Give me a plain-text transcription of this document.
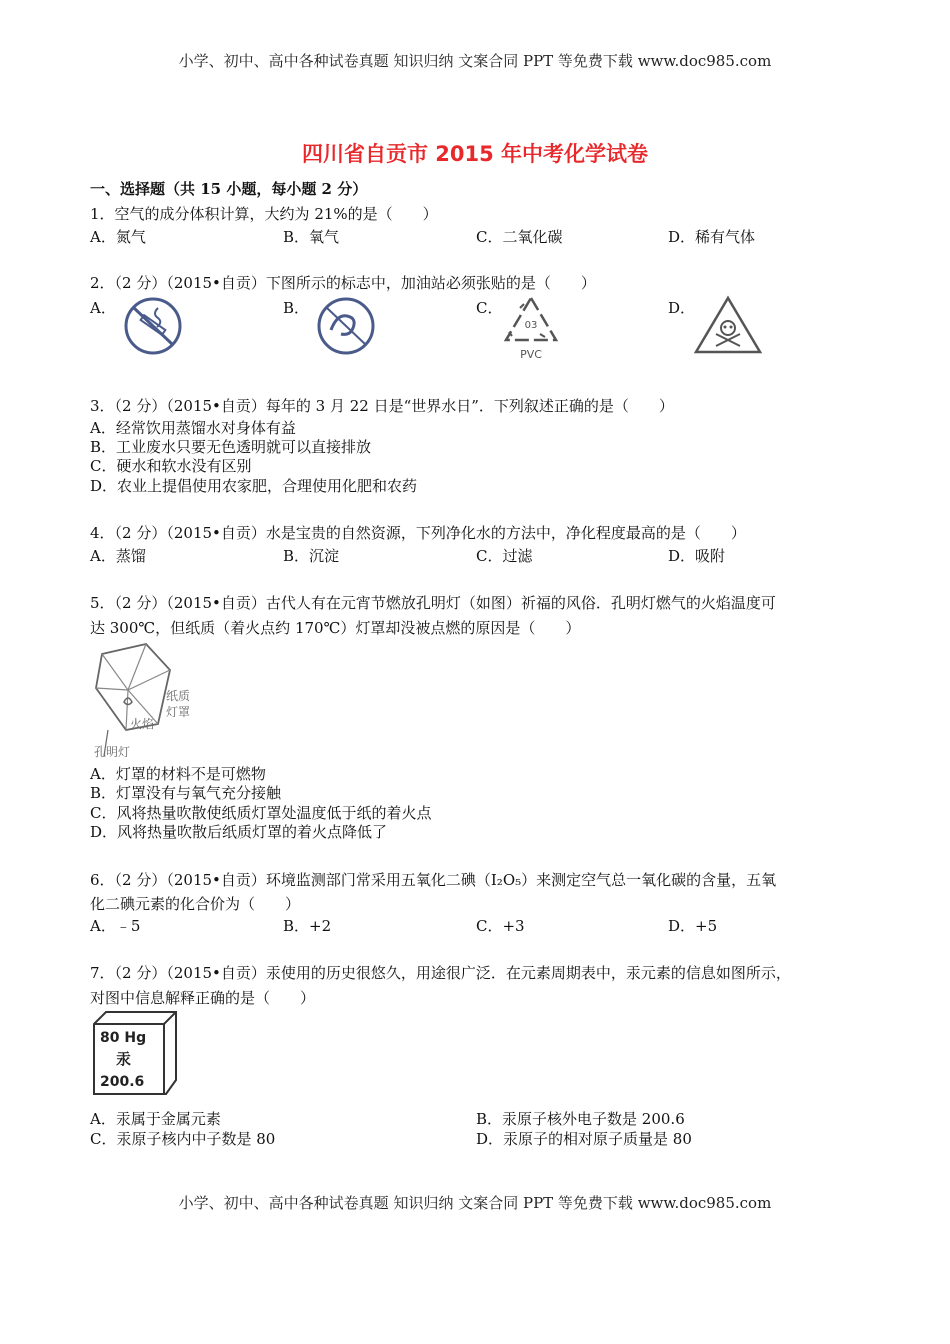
小学、初中、高中各种试卷真题 知识归纳 文案合同 PPT 等免费下载 www.doc985.com
四川省自贡市 2015 年中考化学试卷
一、选择题（共 15 小题，每小题 2 分）
1．空气的成分体积计算，大约为 21%的是（　　）
A．氮气	B．氧气	C．二氧化碳	D．稀有气体
2．（2 分）（2015•自贡）下图所示的标志中，加油站必须张贴的是（　　）
A．	B．	C．	D．
03
PVC
3．（2 分）（2015•自贡）每年的 3 月 22 日是“世界水日”．下列叙述正确的是（　　）
A．经常饮用蒸馏水对身体有益
B．工业废水只要无色透明就可以直接排放
C．硬水和软水没有区别
D．农业上提倡使用农家肥，合理使用化肥和农药
4．（2 分）（2015•自贡）水是宝贵的自然资源，下列净化水的方法中，净化程度最高的是（　　）
A．蒸馏	B．沉淀	C．过滤	D．吸附
5．（2 分）（2015•自贡）古代人有在元宵节燃放孔明灯（如图）祈福的风俗．孔明灯燃气的火焰温度可
达 300℃，但纸质（着火点约 170℃）灯罩却没被点燃的原因是（　　）
纸质
灯罩
火焰
孔明灯
A．灯罩的材料不是可燃物
B．灯罩没有与氧气充分接触
C．风将热量吹散使纸质灯罩处温度低于纸的着火点
D．风将热量吹散后纸质灯罩的着火点降低了
6．（2 分）（2015•自贡）环境监测部门常采用五氧化二碘（I₂O₅）来测定空气总一氧化碳的含量，五氧
化二碘元素的化合价为（　　）
A．﹣5	B．+2	C．+3	D．+5
7．（2 分）（2015•自贡）汞使用的历史很悠久，用途很广泛．在元素周期表中，汞元素的信息如图所示，
对图中信息解释正确的是（　　）
80 Hg
汞
200.6
A．汞属于金属元素	B．汞原子核外电子数是 200.6
C．汞原子核内中子数是 80	D．汞原子的相对原子质量是 80
小学、初中、高中各种试卷真题 知识归纳 文案合同 PPT 等免费下载 www.doc985.com
